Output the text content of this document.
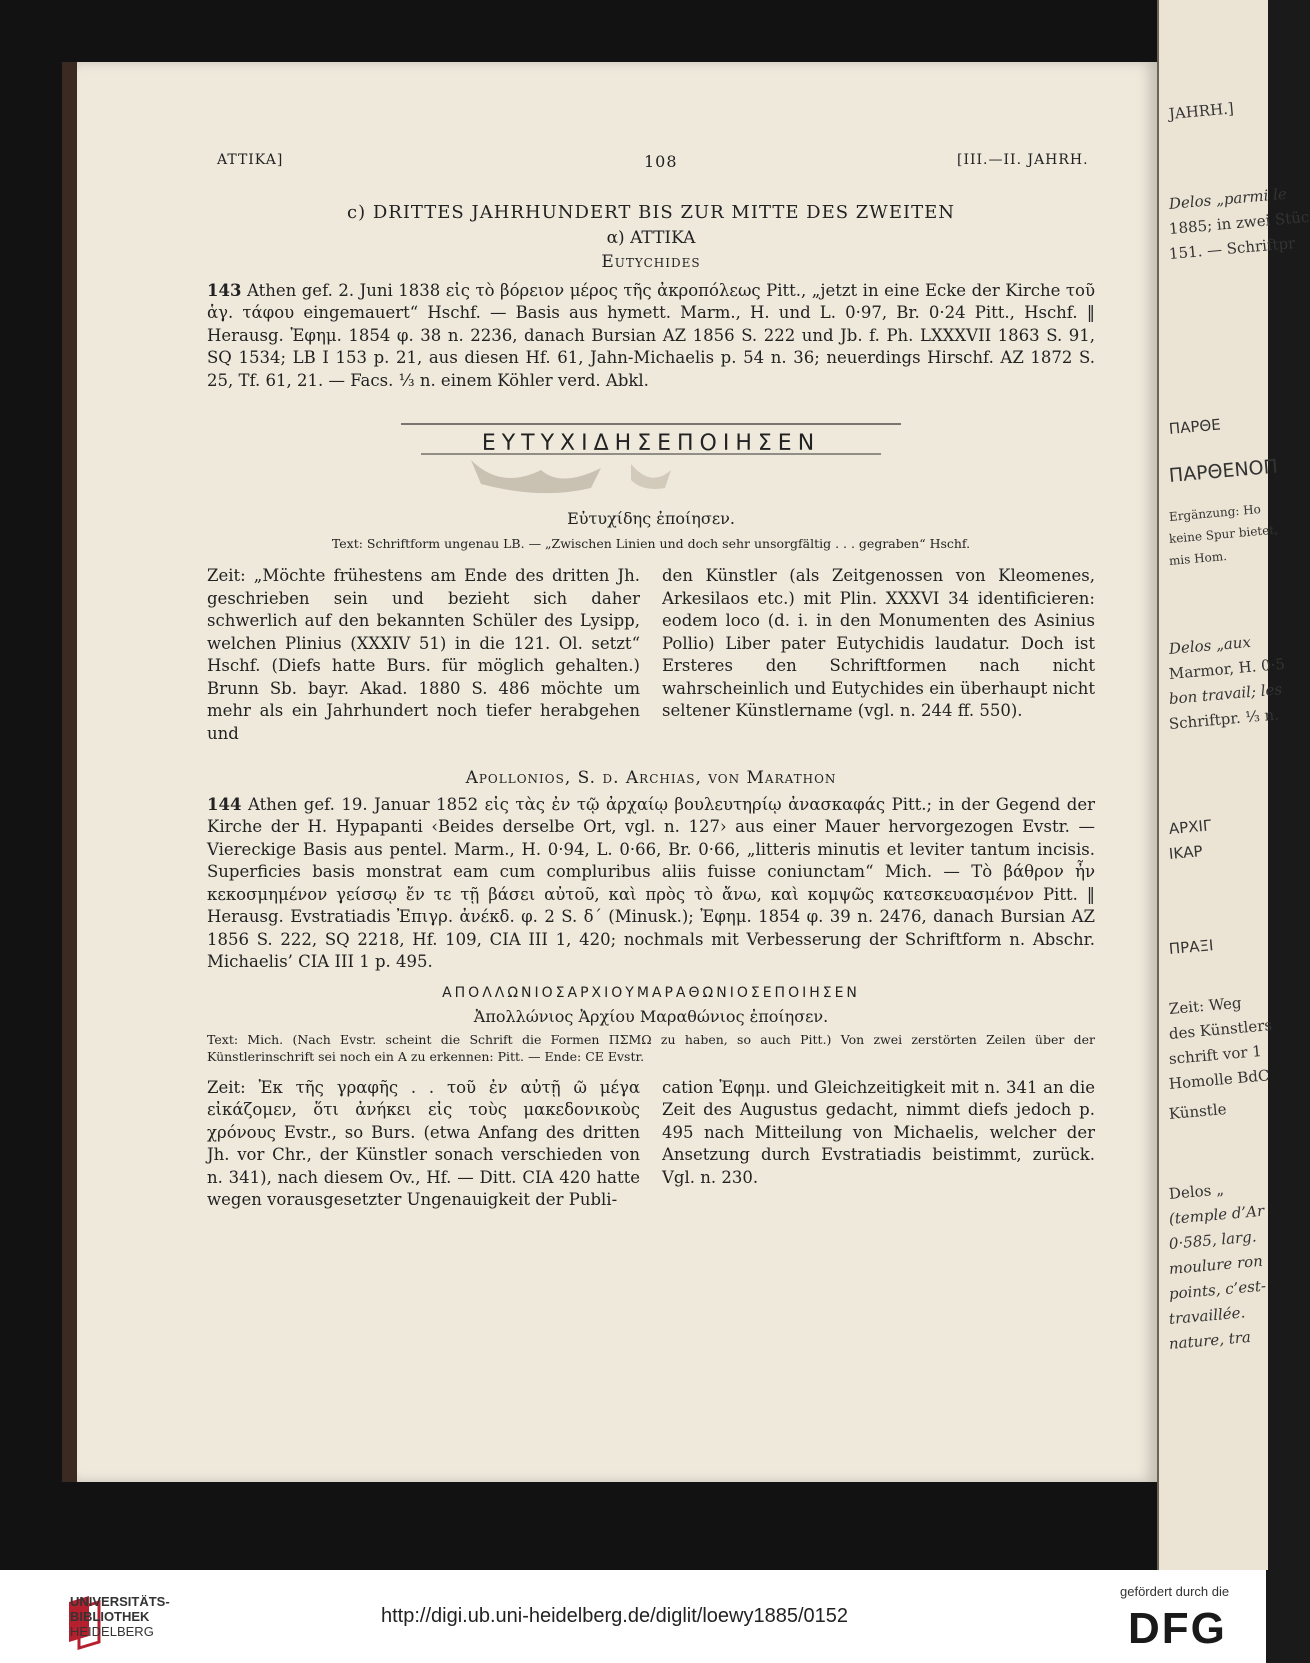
ATTIKA]	108	[III.—II. JAHRH.

c) DRITTES JAHRHUNDERT BIS ZUR MITTE DES ZWEITEN

α) ATTIKA

Eutychides

143 Athen gef. 2. Juni 1838 εἰς τὸ βόρειον μέρος τῆς ἀκροπόλεως Pitt., „jetzt in eine Ecke der Kirche τοῦ ἁγ. τάφου eingemauert“ Hschf. — Basis aus hymett. Marm., H. und L. 0·97, Br. 0·24 Pitt., Hschf. ‖ Herausg. Ἐφημ. 1854 φ. 38 n. 2236, danach Bursian AZ 1856 S. 222 und Jb. f. Ph. LXXXVII 1863 S. 91, SQ 1534; LB I 153 p. 21, aus diesen Hf. 61, Jahn-Michaelis p. 54 n. 36; neuerdings Hirschf. AZ 1872 S. 25, Tf. 61, 21. — Facs. ⅓ n. einem Köhler verd. Abkl.

ΕΥΤΥΧΙΔΗΣΕΠΟΙΗΣΕΝ

Εὐτυχίδης ἐποίησεν.

Text: Schriftform ungenau LB. — „Zwischen Linien und doch sehr unsorgfältig . . . gegraben“ Hschf.

Zeit: „Möchte frühestens am Ende des dritten Jh. geschrieben sein und bezieht sich daher schwerlich auf den bekannten Schüler des Lysipp, welchen Plinius (XXXIV 51) in die 121. Ol. setzt“ Hschf. (Diefs hatte Burs. für möglich gehalten.) Brunn Sb. bayr. Akad. 1880 S. 486 möchte um mehr als ein Jahrhundert noch tiefer herabgehen und
den Künstler (als Zeitgenossen von Kleomenes, Arkesilaos etc.) mit Plin. XXXVI 34 identificieren: eodem loco (d. i. in den Monumenten des Asinius Pollio) Liber pater Eutychidis laudatur. Doch ist Ersteres den Schriftformen nach nicht wahrscheinlich und Eutychides ein überhaupt nicht seltener Künstlername (vgl. n. 244 ff. 550).

Apollonios, S. d. Archias, von Marathon

144 Athen gef. 19. Januar 1852 εἰς τὰς ἐν τῷ ἀρχαίῳ βουλευτηρίῳ ἀνασκαφάς Pitt.; in der Gegend der Kirche der H. Hypapanti ‹Beides derselbe Ort, vgl. n. 127› aus einer Mauer hervorgezogen Evstr. — Viereckige Basis aus pentel. Marm., H. 0·94, L. 0·66, Br. 0·66, „litteris minutis et leviter tantum incisis. Superficies basis monstrat eam cum compluribus aliis fuisse coniunctam“ Mich. — Τὸ βάθρον ἦν κεκοσμημένον γείσσῳ ἔν τε τῇ βάσει αὐτοῦ, καὶ πρὸς τὸ ἄνω, καὶ κομψῶς κατεσκευασμένον Pitt. ‖ Herausg. Evstratiadis Ἐπιγρ. ἀνέκδ. φ. 2 S. δ΄ (Minusk.); Ἐφημ. 1854 φ. 39 n. 2476, danach Bursian AZ 1856 S. 222, SQ 2218, Hf. 109, CIA III 1, 420; nochmals mit Verbesserung der Schriftform n. Abschr. Michaelis’ CIA III 1 p. 495.

ΑΠΟΛΛΩΝΙΟΣΑΡΧΙΟΥΜΑΡΑΘΩΝΙΟΣΕΠΟΙΗΣΕΝ

Ἀπολλώνιος Ἀρχίου Μαραθώνιος ἐποίησεν.

Text: Mich. (Nach Evstr. scheint die Schrift die Formen ΠΣΜΩ zu haben, so auch Pitt.) Von zwei zerstörten Zeilen über der Künstlerinschrift sei noch ein Α zu erkennen: Pitt. — Ende: ϹΕ Evstr.

Zeit: Ἐκ τῆς γραφῆς . . τοῦ ἐν αὐτῇ ῶ μέγα εἰκάζομεν, ὅτι ἀνήκει εἰς τοὺς μακεδονικοὺς χρόνους Evstr., so Burs. (etwa Anfang des dritten Jh. vor Chr., der Künstler sonach verschieden von n. 341), nach diesem Ov., Hf. — Ditt. CIA 420 hatte wegen vorausgesetzter Ungenauigkeit der Publi-
cation Ἐφημ. und Gleichzeitigkeit mit n. 341 an die Zeit des Augustus gedacht, nimmt diefs jedoch p. 495 nach Mitteilung von Michaelis, welcher der Ansetzung durch Evstratiadis beistimmt, zurück. Vgl. n. 230.
JAHRH.]
Delos „parmi le
1885; in zwei Stüc
151. — Schriftpr
ΠΑΡΘΕ
ΠΑΡΘΕΝΟΠ
Ergänzung: Ho
keine Spur bietet,
mis Hom.
Delos „aux
Marmor, H. 0·5
bon travail; les
Schriftpr. ⅓ n.
ΑΡΧΙΓ
ΙΚΑΡ
ΠΡΑΞΙ
Zeit: Weg
des Künstlers
schrift vor 1
Homolle BdC
Künstle
Delos „
(temple d’Ar
0·585, larg.
moulure ron
points, c’est-
travaillée.
nature, tra
UNIVERSITÄTS-
BIBLIOTHEK
HEIDELBERG
http://digi.ub.uni-heidelberg.de/diglit/loewy1885/0152
gefördert durch die
DFG
